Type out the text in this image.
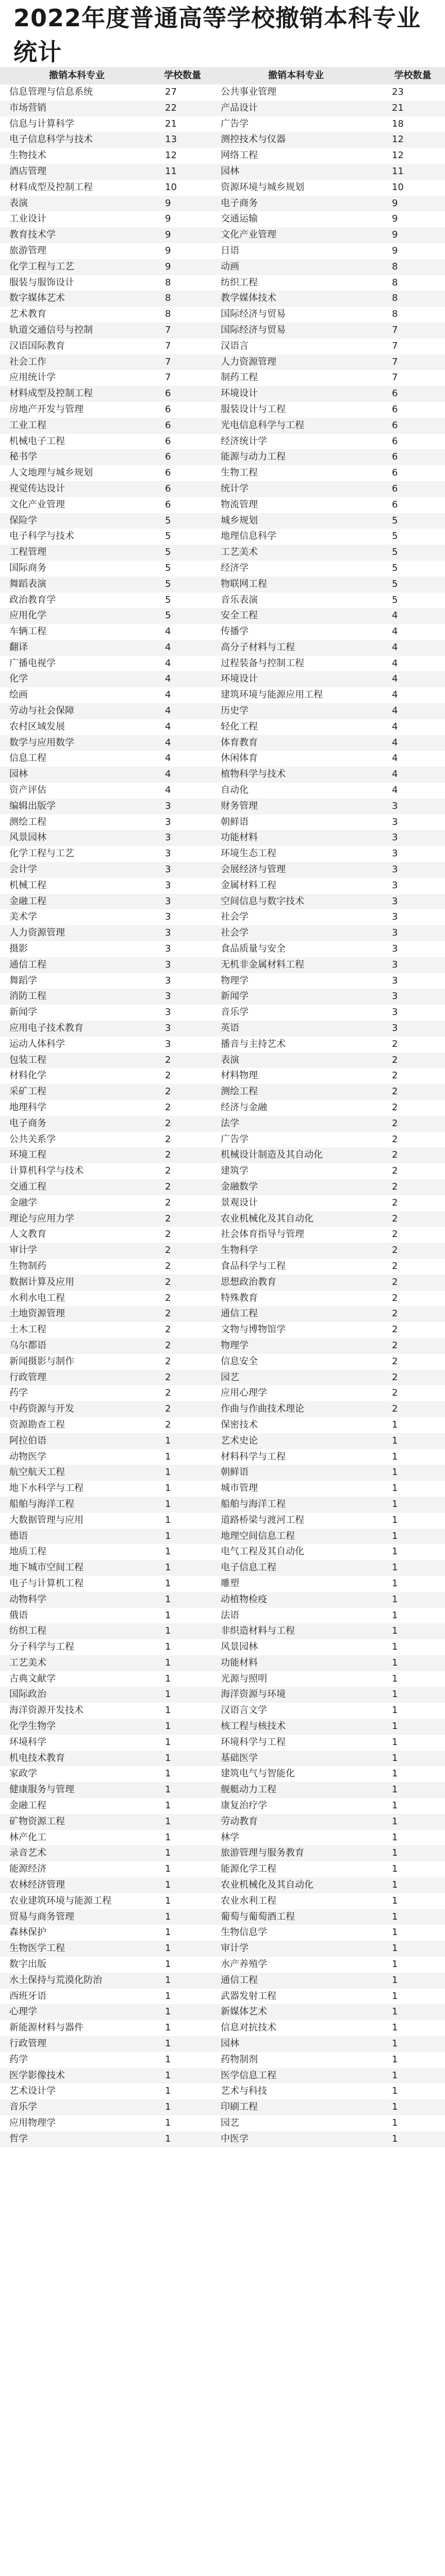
2022年度普通高等学校撤销本科专业统计
撤销本科专业	学校数量	撤销本科专业	学校数量
信息管理与信息系统	27	公共事业管理	23
市场营销	22	产品设计	21
信息与计算科学	21	广告学	18
电子信息科学与技术	13	测控技术与仪器	12
生物技术	12	网络工程	12
酒店管理	11	园林	11
材料成型及控制工程	10	资源环境与城乡规划	10
表演	9	电子商务	9
工业设计	9	交通运输	9
教育技术学	9	文化产业管理	9
旅游管理	9	日语	9
化学工程与工艺	9	动画	8
服装与服饰设计	8	纺织工程	8
数字媒体艺术	8	教学媒体技术	8
艺术教育	8	国际经济与贸易	8
轨道交通信号与控制	7	国际经济与贸易	7
汉语国际教育	7	汉语言	7
社会工作	7	人力资源管理	7
应用统计学	7	制药工程	7
材料成型及控制工程	6	环境设计	6
房地产开发与管理	6	服装设计与工程	6
工业工程	6	光电信息科学与工程	6
机械电子工程	6	经济统计学	6
秘书学	6	能源与动力工程	6
人文地理与城乡规划	6	生物工程	6
视觉传达设计	6	统计学	6
文化产业管理	6	物流管理	6
保险学	5	城乡规划	5
电子科学与技术	5	地理信息科学	5
工程管理	5	工艺美术	5
国际商务	5	经济学	5
舞蹈表演	5	物联网工程	5
政治教育学	5	音乐表演	5
应用化学	5	安全工程	4
车辆工程	4	传播学	4
翻译	4	高分子材料与工程	4
广播电视学	4	过程装备与控制工程	4
化学	4	环境设计	4
绘画	4	建筑环境与能源应用工程	4
劳动与社会保障	4	历史学	4
农村区域发展	4	轻化工程	4
数学与应用数学	4	体育教育	4
信息工程	4	休闲体育	4
园林	4	植物科学与技术	4
资产评估	4	自动化	4
编辑出版学	3	财务管理	3
测绘工程	3	朝鲜语	3
风景园林	3	功能材料	3
化学工程与工艺	3	环境生态工程	3
会计学	3	会展经济与管理	3
机械工程	3	金属材料工程	3
金融工程	3	空间信息与数字技术	3
美术学	3	社会学	3
人力资源管理	3	社会学	3
摄影	3	食品质量与安全	3
通信工程	3	无机非金属材料工程	3
舞蹈学	3	物理学	3
消防工程	3	新闻学	3
新闻学	3	音乐学	3
应用电子技术教育	3	英语	3
运动人体科学	3	播音与主持艺术	2
包装工程	2	表演	2
材料化学	2	材料物理	2
采矿工程	2	测绘工程	2
地理科学	2	经济与金融	2
电子商务	2	法学	2
公共关系学	2	广告学	2
环境工程	2	机械设计制造及其自动化	2
计算机科学与技术	2	建筑学	2
交通工程	2	金融数学	2
金融学	2	景观设计	2
理论与应用力学	2	农业机械化及其自动化	2
人文教育	2	社会体育指导与管理	2
审计学	2	生物科学	2
生物制药	2	食品科学与工程	2
数据计算及应用	2	思想政治教育	2
水利水电工程	2	特殊教育	2
土地资源管理	2	通信工程	2
土木工程	2	文物与博物馆学	2
乌尔都语	2	物理学	2
新闻摄影与制作	2	信息安全	2
行政管理	2	园艺	2
药学	2	应用心理学	2
中药资源与开发	2	作曲与作曲技术理论	2
资源勘查工程	2	保密技术	1
阿拉伯语	1	艺术史论	1
动物医学	1	材料科学与工程	1
航空航天工程	1	朝鲜语	1
地下水科学与工程	1	城市管理	1
船舶与海洋工程	1	船舶与海洋工程	1
大数据管理与应用	1	道路桥梁与渡河工程	1
德语	1	地理空间信息工程	1
地质工程	1	电气工程及其自动化	1
地下城市空间工程	1	电子信息工程	1
电子与计算机工程	1	雕塑	1
动物科学	1	动植物检疫	1
俄语	1	法语	1
纺织工程	1	非织造材料与工程	1
分子科学与工程	1	风景园林	1
工艺美术	1	功能材料	1
古典文献学	1	光源与照明	1
国际政治	1	海洋资源与环境	1
海洋资源开发技术	1	汉语言文学	1
化学生物学	1	核工程与核技术	1
环境科学	1	环境科学与工程	1
机电技术教育	1	基础医学	1
家政学	1	建筑电气与智能化	1
健康服务与管理	1	舰艇动力工程	1
金融工程	1	康复治疗学	1
矿物资源工程	1	劳动教育	1
林产化工	1	林学	1
录音艺术	1	旅游管理与服务教育	1
能源经济	1	能源化学工程	1
农林经济管理	1	农业机械化及其自动化	1
农业建筑环境与能源工程	1	农业水利工程	1
贸易与商务管理	1	葡萄与葡萄酒工程	1
森林保护	1	生物信息学	1
生物医学工程	1	审计学	1
数字出版	1	水产养殖学	1
水土保持与荒漠化防治	1	通信工程	1
西班牙语	1	武器发射工程	1
心理学	1	新媒体艺术	1
新能源材料与器件	1	信息对抗技术	1
行政管理	1	园林	1
药学	1	药物制剂	1
医学影像技术	1	医学信息工程	1
艺术设计学	1	艺术与科技	1
音乐学	1	印刷工程	1
应用物理学	1	园艺	1
哲学	1	中医学	1
